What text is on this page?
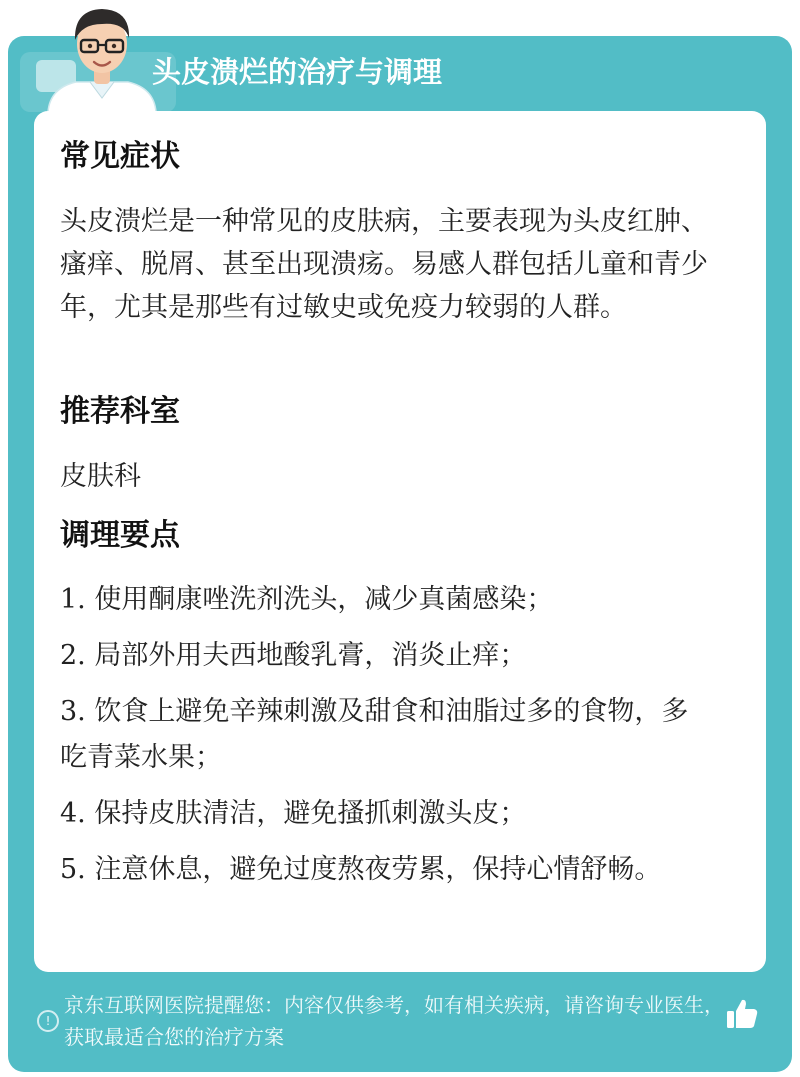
头皮溃烂的治疗与调理
常见症状

头皮溃烂是一种常见的皮肤病，主要表现为头皮红肿、瘙痒、脱屑、甚至出现溃疡。易感人群包括儿童和青少年，尤其是那些有过敏史或免疫力较弱的人群。

推荐科室

皮肤科

调理要点
1. 使用酮康唑洗剂洗头，减少真菌感染；
2. 局部外用夫西地酸乳膏，消炎止痒；
3. 饮食上避免辛辣刺激及甜食和油脂过多的食物，多吃青菜水果；
4. 保持皮肤清洁，避免搔抓刺激头皮；
5. 注意休息，避免过度熬夜劳累，保持心情舒畅。
!
京东互联网医院提醒您：内容仅供参考，如有相关疾病，请咨询专业医生，获取最适合您的治疗方案
